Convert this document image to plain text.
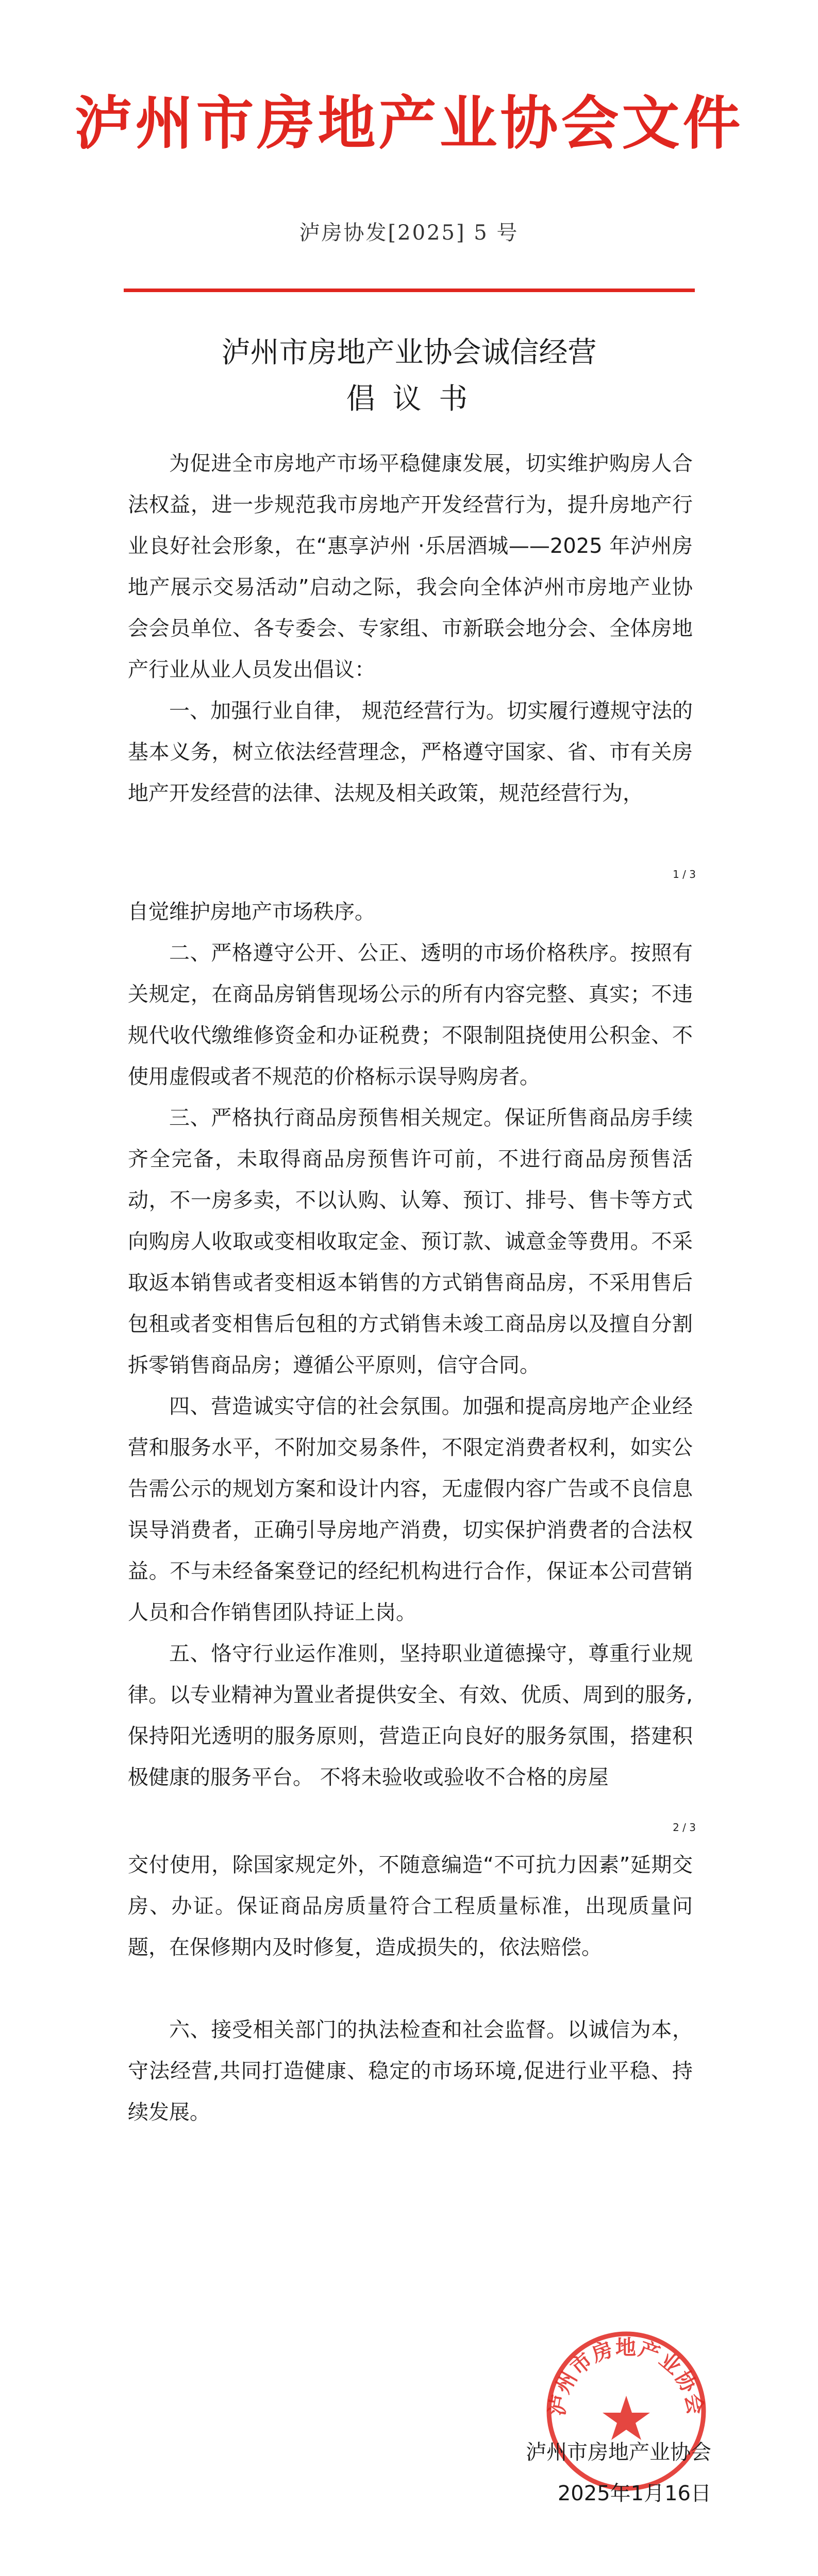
泸州市房地产业协会文件
泸房协发[2025] 5 号
泸州市房地产业协会诚信经营
倡 议 书

为促进全市房地产市场平稳健康发展，切实维护购房人合法权益，进一步规范我市房地产开发经营行为，提升房地产行业良好社会形象，在“惠享泸州 ·乐居酒城——2025 年泸州房地产展示交易活动”启动之际，我会向全体泸州市房地产业协会会员单位、各专委会、专家组、市新联会地分会、全体房地产行业从业人员发出倡议：

一、加强行业自律， 规范经营行为。切实履行遵规守法的基本义务，树立依法经营理念，严格遵守国家、省、市有关房地产开发经营的法律、法规及相关政策，规范经营行为，

1 / 3

自觉维护房地产市场秩序。

二、严格遵守公开、公正、透明的市场价格秩序。按照有关规定，在商品房销售现场公示的所有内容完整、真实；不违规代收代缴维修资金和办证税费；不限制阻挠使用公积金、不使用虚假或者不规范的价格标示误导购房者。

三、严格执行商品房预售相关规定。保证所售商品房手续齐全完备，未取得商品房预售许可前，不进行商品房预售活动，不一房多卖，不以认购、认筹、预订、排号、售卡等方式向购房人收取或变相收取定金、预订款、诚意金等费用。不采取返本销售或者变相返本销售的方式销售商品房，不采用售后包租或者变相售后包租的方式销售未竣工商品房以及擅自分割拆零销售商品房；遵循公平原则，信守合同。

四、营造诚实守信的社会氛围。加强和提高房地产企业经营和服务水平，不附加交易条件，不限定消费者权利，如实公告需公示的规划方案和设计内容，无虚假内容广告或不良信息误导消费者，正确引导房地产消费，切实保护消费者的合法权益。不与未经备案登记的经纪机构进行合作，保证本公司营销人员和合作销售团队持证上岗。

五、恪守行业运作准则，坚持职业道德操守，尊重行业规律。以专业精神为置业者提供安全、有效、优质、周到的服务,保持阳光透明的服务原则，营造正向良好的服务氛围，搭建积极健康的服务平台。 不将未验收或验收不合格的房屋

2 / 3

交付使用，除国家规定外，不随意编造“不可抗力因素”延期交房、办证。保证商品房质量符合工程质量标准，出现质量问题，在保修期内及时修复，造成损失的，依法赔偿。

六、接受相关部门的执法检查和社会监督。以诚信为本，守法经营,共同打造健康、稳定的市场环境,促进行业平稳、持续发展。

泸州市房地产业协会
泸州市房地产业协会
2025年1月16日
